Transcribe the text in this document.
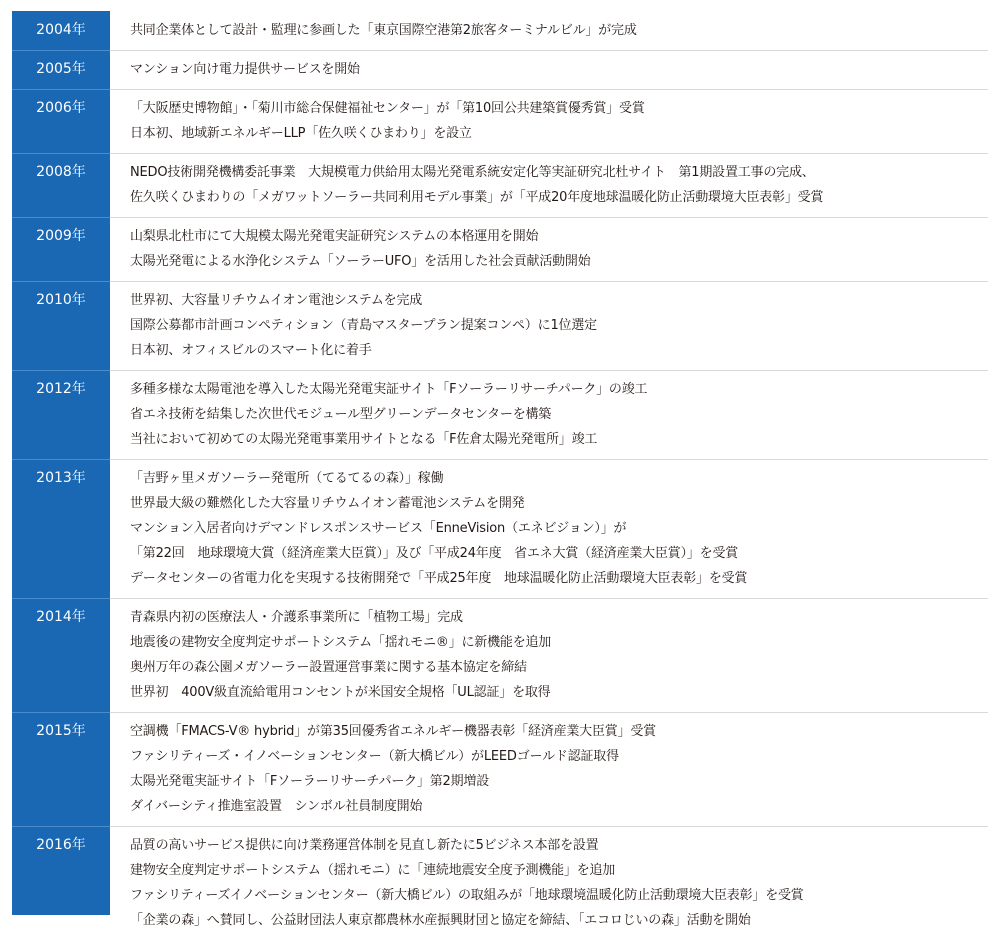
2004年	共同企業体として設計・監理に参画した「東京国際空港第2旅客ターミナルビル」が完成
2005年	マンション向け電力提供サービスを開始
2006年	「大阪歴史博物館」・「菊川市総合保健福祉センター」が「第10回公共建築賞優秀賞」受賞
日本初、地域新エネルギーLLP「佐久咲くひまわり」を設立
2008年	NEDO技術開発機構委託事業　大規模電力供給用太陽光発電系統安定化等実証研究北杜サイト　第1期設置工事の完成、
佐久咲くひまわりの「メガワットソーラー共同利用モデル事業」が「平成20年度地球温暖化防止活動環境大臣表彰」受賞
2009年	山梨県北杜市にて大規模太陽光発電実証研究システムの本格運用を開始
太陽光発電による水浄化システム「ソーラーUFO」を活用した社会貢献活動開始
2010年	世界初、大容量リチウムイオン電池システムを完成
国際公募都市計画コンペティション（青島マスタープラン提案コンペ）に1位選定
日本初、オフィスビルのスマート化に着手
2012年	多種多様な太陽電池を導入した太陽光発電実証サイト「Fソーラーリサーチパーク」の竣工
省エネ技術を結集した次世代モジュール型グリーンデータセンターを構築
当社において初めての太陽光発電事業用サイトとなる「F佐倉太陽光発電所」竣工
2013年	「吉野ヶ里メガソーラー発電所（てるてるの森）」稼働
世界最大級の難燃化した大容量リチウムイオン蓄電池システムを開発
マンション入居者向けデマンドレスポンスサービス「EnneVision（エネビジョン）」が
「第22回　地球環境大賞（経済産業大臣賞）」及び「平成24年度　省エネ大賞（経済産業大臣賞）」を受賞
データセンターの省電力化を実現する技術開発で「平成25年度　地球温暖化防止活動環境大臣表彰」を受賞
2014年	青森県内初の医療法人・介護系事業所に「植物工場」完成
地震後の建物安全度判定サポートシステム「揺れモニ®」に新機能を追加
奥州万年の森公園メガソーラー設置運営事業に関する基本協定を締結
世界初　400V級直流給電用コンセントが米国安全規格「UL認証」を取得
2015年	空調機「FMACS-V® hybrid」が第35回優秀省エネルギー機器表彰「経済産業大臣賞」受賞
ファシリティーズ・イノベーションセンター（新大橋ビル）がLEEDゴールド認証取得
太陽光発電実証サイト「Fソーラーリサーチパーク」第2期増設
ダイバーシティ推進室設置　シンボル社員制度開始
2016年	品質の高いサービス提供に向け業務運営体制を見直し新たに5ビジネス本部を設置
建物安全度判定サポートシステム（揺れモニ）に「連続地震安全度予測機能」を追加
ファシリティーズイノベーションセンター（新大橋ビル）の取組みが「地球環境温暖化防止活動環境大臣表彰」を受賞
「企業の森」へ賛同し、公益財団法人東京都農林水産振興財団と協定を締結、「エコロじいの森」活動を開始
